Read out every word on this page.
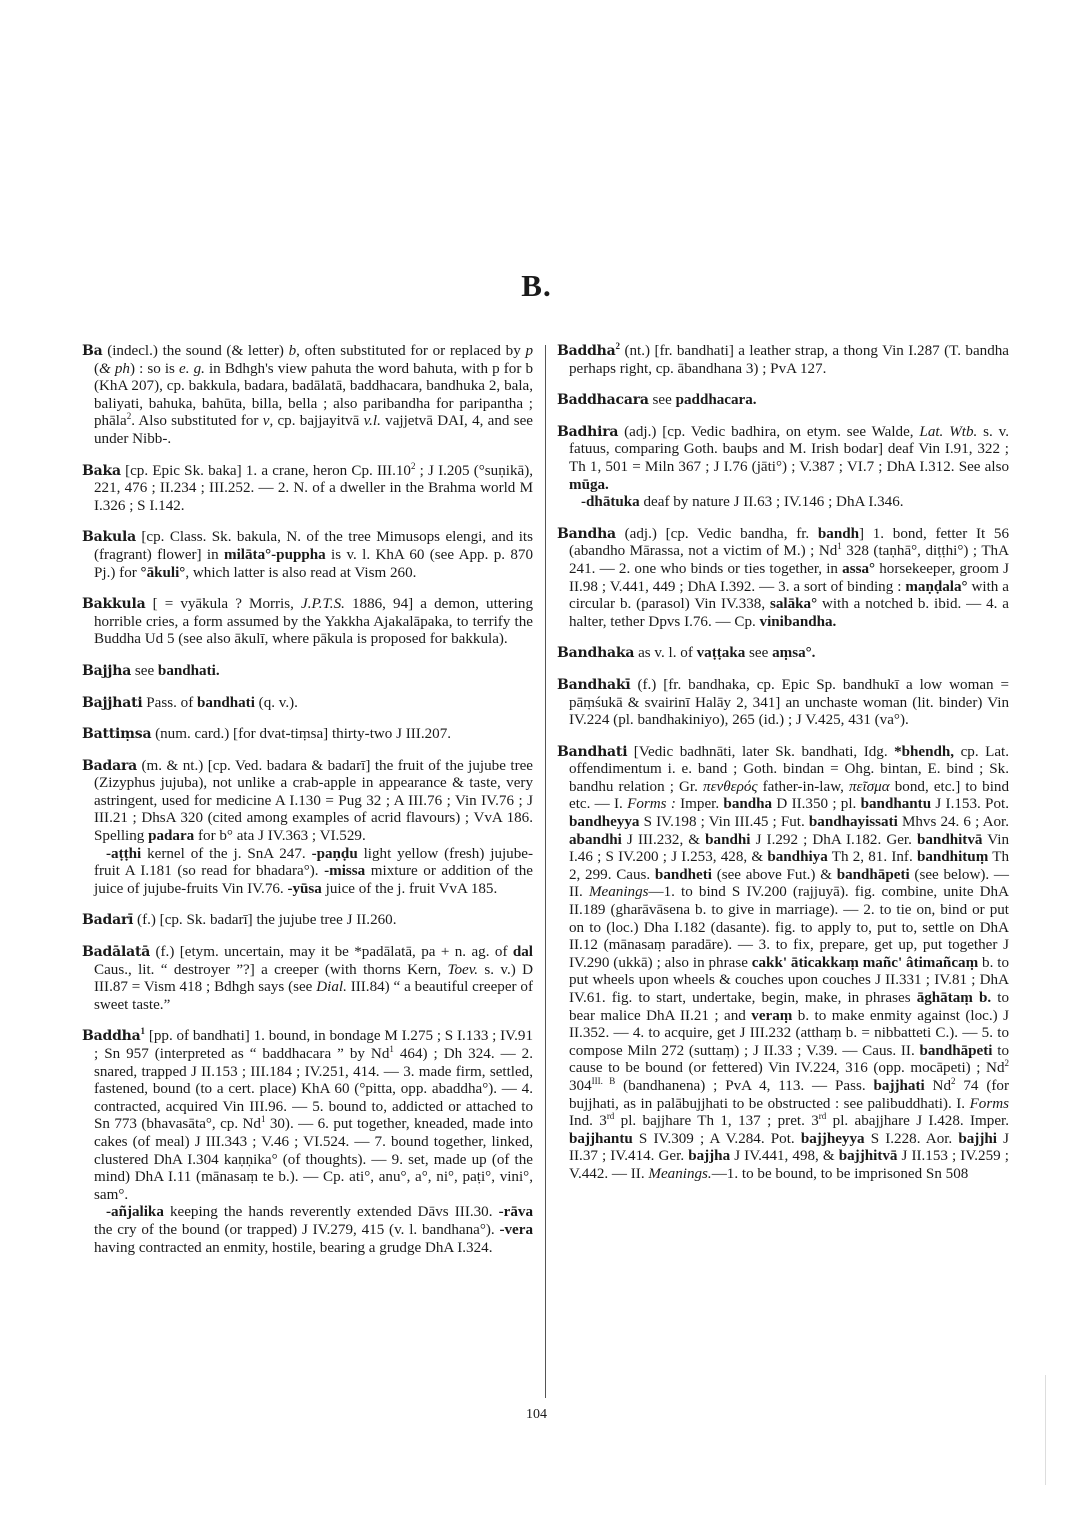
B.

Ba (indecl.) the sound (& letter) b, often substituted for or replaced by p (& ph) : so is e. g. in Bdhgh's view pahuta the word bahuta, with p for b (KhA 207), cp. bakkula, badara, badālatā, baddhacara, bandhuka 2, bala, baliyati, bahuka, bahūta, billa, bella ; also paribandha for paripantha ; phāla$^2$. Also substituted for v, cp. bajjayitvā v.l. vajjetvā DAI, 4, and see under Nibb-.

Baka [cp. Epic Sk. baka] 1. a crane, heron Cp. $III.10^2$ ; J I.205 (°suṇikā), 221, 476 ; II.234 ; III.252. — 2. N. of a dweller in the Brahma world M I.326 ; S I.142.

Bakula [cp. Class. Sk. bakula, N. of the tree Mimusops elengi, and its (fragrant) flower] in milāta°-puppha is v. l. KhA 60 (see App. p. 870 Pj.) for °ākuli°, which latter is also read at Vism 260.

Bakkula [ = vyākula ? Morris, J.P.T.S. 1886, 94] a demon, uttering horrible cries, a form assumed by the Yakkha Ajakalāpaka, to terrify the Buddha Ud 5 (see also ākulī, where pākula is proposed for bakkula).

Bajjha see bandhati.

Bajjhati Pass. of bandhati (q. v.).

Battiṃsa (num. card.) [for dvat-tiṃsa] thirty-two J III.207.

Badara (m. & nt.) [cp. Ved. badara & badarī] the fruit of the jujube tree (Zizyphus jujuba), not unlike a crab-apple in appearance & taste, very astringent, used for medicine A I.130 = Pug 32 ; A III.76 ; Vin IV.76 ; J III.21 ; DhsA 320 (cited among examples of acrid flavours) ; VvA 186. Spelling padara for b° ata J IV.363 ; VI.529.
-aṭṭhi kernel of the j. SnA 247. -paṇḍu light yellow (fresh) jujube-fruit A I.181 (so read for bhadara°). -missa mixture or addition of the juice of jujube-fruits Vin IV.76. -yūsa juice of the j. fruit VvA 185.

Badarī (f.) [cp. Sk. badarī] the jujube tree J II.260.

Badālatā (f.) [etym. uncertain, may it be *padālatā, pa + n. ag. of dal Caus., lit. “ destroyer ”?] a creeper (with thorns Kern, Toev. s. v.) D III.87 = Vism 418 ; Bdhgh says (see Dial. III.84) “ a beautiful creeper of sweet taste.”

Baddha$^1$ [pp. of bandhati] 1. bound, in bondage M I.275 ; S I.133 ; IV.91 ; Sn 957 (interpreted as “ baddhacara ” by Nd$^1$ 464) ; Dh 324. — 2. snared, trapped J II.153 ; III.184 ; IV.251, 414. — 3. made firm, settled, fastened, bound (to a cert. place) KhA 60 (°pitta, opp. abaddha°). — 4. contracted, acquired Vin III.96. — 5. bound to, addicted or attached to Sn 773 (bhavasāta°, cp. Nd$^1$ 30). — 6. put together, kneaded, made into cakes (of meal) J III.343 ; V.46 ; VI.524. — 7. bound together, linked, clustered DhA I.304 kaṇṇika° (of thoughts). — 9. set, made up (of the mind) DhA I.11 (mānasaṃ te b.). — Cp. ati°, anu°, a°, ni°, paṭi°, vini°, sam°.
-añjalika keeping the hands reverently extended Dāvs III.30. -rāva the cry of the bound (or trapped) J IV.279, 415 (v. l. bandhana°). -vera having contracted an enmity, hostile, bearing a grudge DhA I.324.

Baddha$^2$ (nt.) [fr. bandhati] a leather strap, a thong Vin I.287 (T. bandha perhaps right, cp. ābandhana 3) ; PvA 127.

Baddhacara see paddhacara.

Badhira (adj.) [cp. Vedic badhira, on etym. see Walde, Lat. Wtb. s. v. fatuus, comparing Goth. bauþs and M. Irish bodar] deaf Vin I.91, 322 ; Th 1, 501 = Miln 367 ; J I.76 (jāti°) ; V.387 ; VI.7 ; DhA I.312. See also mūga.
-dhātuka deaf by nature J II.63 ; IV.146 ; DhA I.346.

Bandha (adj.) [cp. Vedic bandha, fr. bandh] 1. bond, fetter It 56 (abandho Mārassa, not a victim of M.) ; Nd$^1$ 328 (taṇhā°, diṭṭhi°) ; ThA 241. — 2. one who binds or ties together, in assa° horsekeeper, groom J II.98 ; V.441, 449 ; DhA I.392. — 3. a sort of binding : maṇḍala° with a circular b. (parasol) Vin IV.338, salāka° with a notched b. ibid. — 4. a halter, tether Dpvs I.76. — Cp. vinibandha.

Bandhaka as v. l. of vaṭṭaka see aṃsa°.

Bandhakī (f.) [fr. bandhaka, cp. Epic Sp. bandhukī a low woman = pāṃśukā & svairinī Halāy 2, 341] an unchaste woman (lit. binder) Vin IV.224 (pl. bandhakiniyo), 265 (id.) ; J V.425, 431 (va°).

Bandhati [Vedic badhnāti, later Sk. bandhati, Idg. *bhendh, cp. Lat. offendimentum i. e. band ; Goth. bindan = Ohg. bintan, E. bind ; Sk. bandhu relation ; Gr. πενθερός father-in-law, πεῖσμα bond, etc.] to bind etc. — I. Forms : Imper. bandha D II.350 ; pl. bandhantu J I.153. Pot. bandheyya S IV.198 ; Vin III.45 ; Fut. bandhayissati Mhvs 24. 6 ; Aor. abandhi J III.232, & bandhi J I.292 ; DhA I.182. Ger. bandhitvā Vin I.46 ; S IV.200 ; J I.253, 428, & bandhiya Th 2, 81. Inf. bandhituṃ Th 2, 299. Caus. bandheti (see above Fut.) & bandhāpeti (see below). — II. Meanings—1. to bind S IV.200 (rajjuyā). fig. combine, unite DhA II.189 (gharāvāsena b. to give in marriage). — 2. to tie on, bind or put on to (loc.) Dha I.182 (dasante). fig. to apply to, put to, settle on DhA II.12 (mānasaṃ paradāre). — 3. to fix, prepare, get up, put together J IV.290 (ukkā) ; also in phrase cakk' āticakkaṃ mañc' âtimañcaṃ b. to put wheels upon wheels & couches upon couches J II.331 ; IV.81 ; DhA IV.61. fig. to start, undertake, begin, make, in phrases āghātaṃ b. to bear malice DhA II.21 ; and veraṃ b. to make enmity against (loc.) J II.352. — 4. to acquire, get J III.232 (atthaṃ b. = nibbatteti C.). — 5. to compose Miln 272 (suttaṃ) ; J II.33 ; V.39. — Caus. II. bandhāpeti to cause to be bound (or fettered) Vin IV.224, 316 (opp. mocāpeti) ; Nd$^2$ $304^{III. B}$ (bandhanena) ; PvA 4, 113. — Pass. bajjhati Nd$^2$ 74 (for bujjhati, as in palābujjhati to be obstructed : see palibuddhati). I. Forms Ind. 3rd pl. bajjhare Th 1, 137 ; pret. 3rd pl. abajjhare J I.428. Imper. bajjhantu S IV.309 ; A V.284. Pot. bajjheyya S I.228. Aor. bajjhi J II.37 ; IV.414. Ger. bajjha J IV.441, 498, & bajjhitvā J II.153 ; IV.259 ; V.442. — II. Meanings.—1. to be bound, to be imprisoned Sn 508

104
